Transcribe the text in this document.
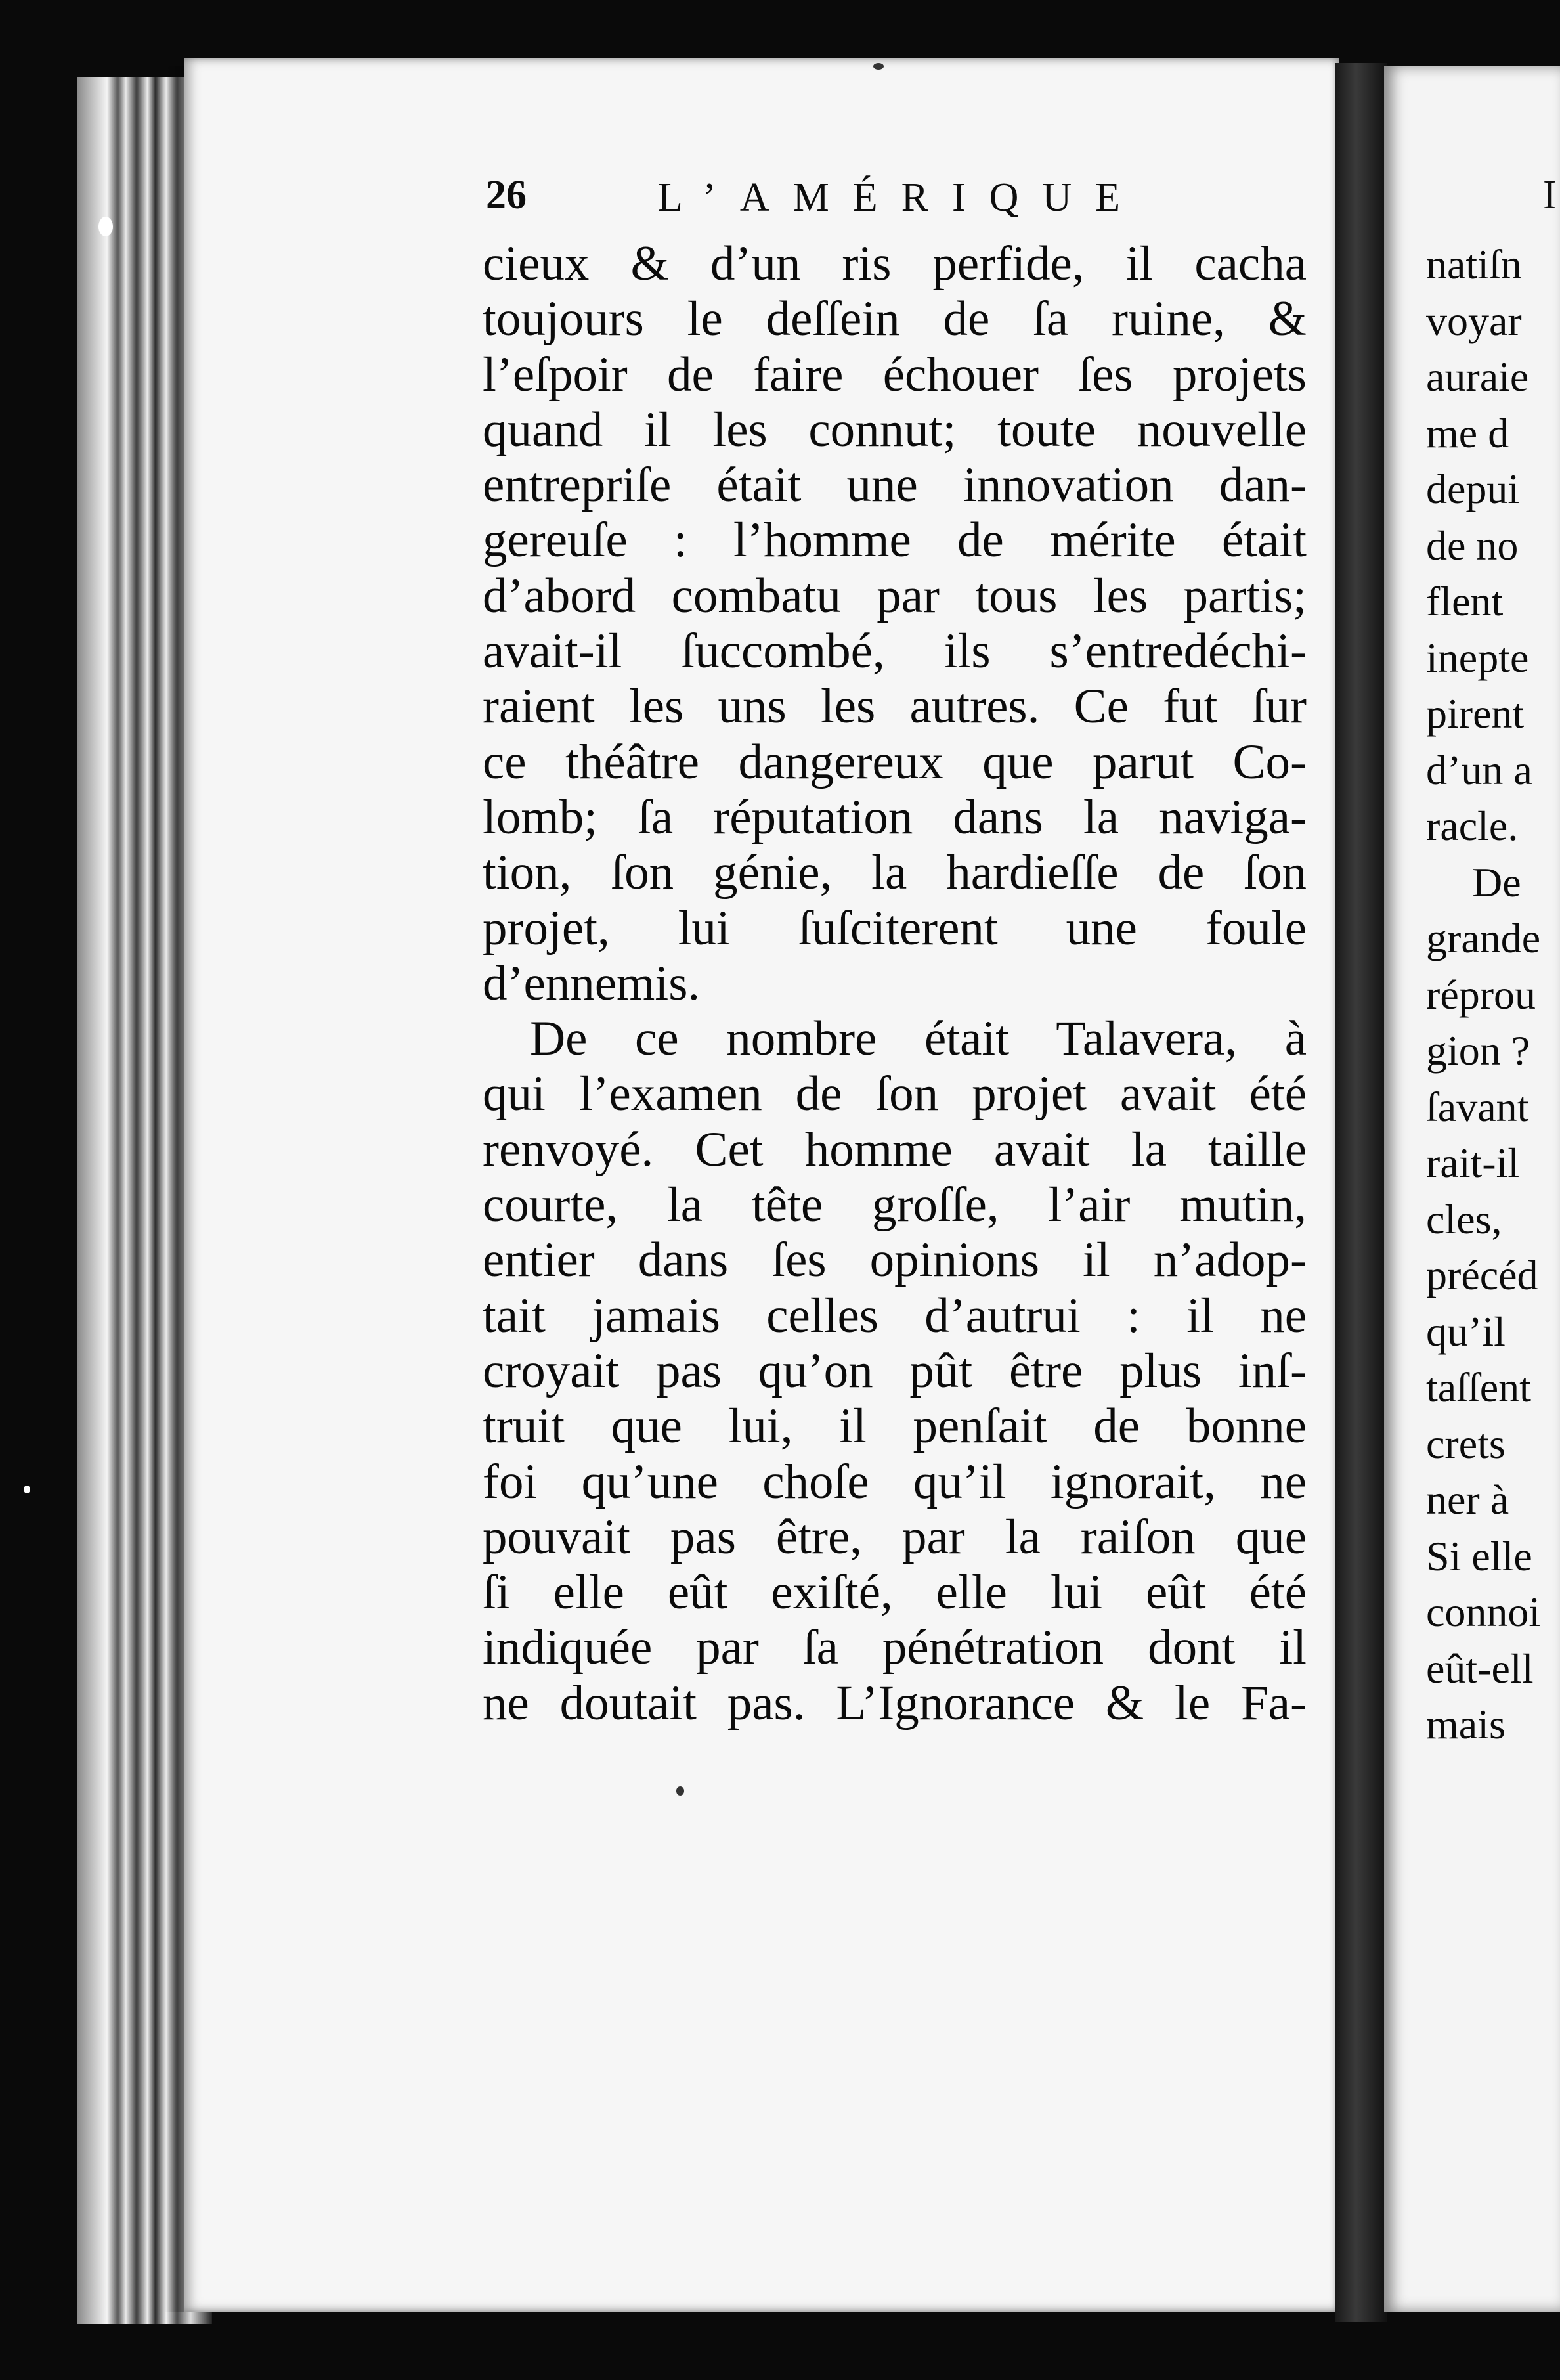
26	L’AMÉRIQUE	I
cieux & d’un ris perfide, il cacha
toujours le deſſein de ſa ruine, &
l’eſpoir de faire échouer ſes projets
quand il les connut; toute nouvelle
entrepriſe était une innovation dan-
gereuſe : l’homme de mérite était
d’abord combatu par tous les partis;
avait-il ſuccombé, ils s’entredéchi-
raient les uns les autres. Ce fut ſur
ce théâtre dangereux que parut Co-
lomb; ſa réputation dans la naviga-
tion, ſon génie, la hardieſſe de ſon
projet, lui ſuſciterent une foule
d’ennemis.
De ce nombre était Talavera, à
qui l’examen de ſon projet avait été
renvoyé. Cet homme avait la taille
courte, la tête groſſe, l’air mutin,
entier dans ſes opinions il n’adop-
tait jamais celles d’autrui : il ne
croyait pas qu’on pût être plus inſ-
truit que lui, il penſait de bonne
foi qu’une choſe qu’il ignorait, ne
pouvait pas être, par la raiſon que
ſi elle eût exiſté, elle lui eût été
indiquée par ſa pénétration dont il
ne doutait pas. L’Ignorance & le Fa-
natiſn
voyar
auraie
me d
depui
de no
flent
inepte
pirent
d’un a
racle.
De
grande
réprou
gion ?
ſavant
rait-il
cles,
précéd
qu’il
taſſent
crets
ner à
Si elle
connoi
eût-ell
mais
